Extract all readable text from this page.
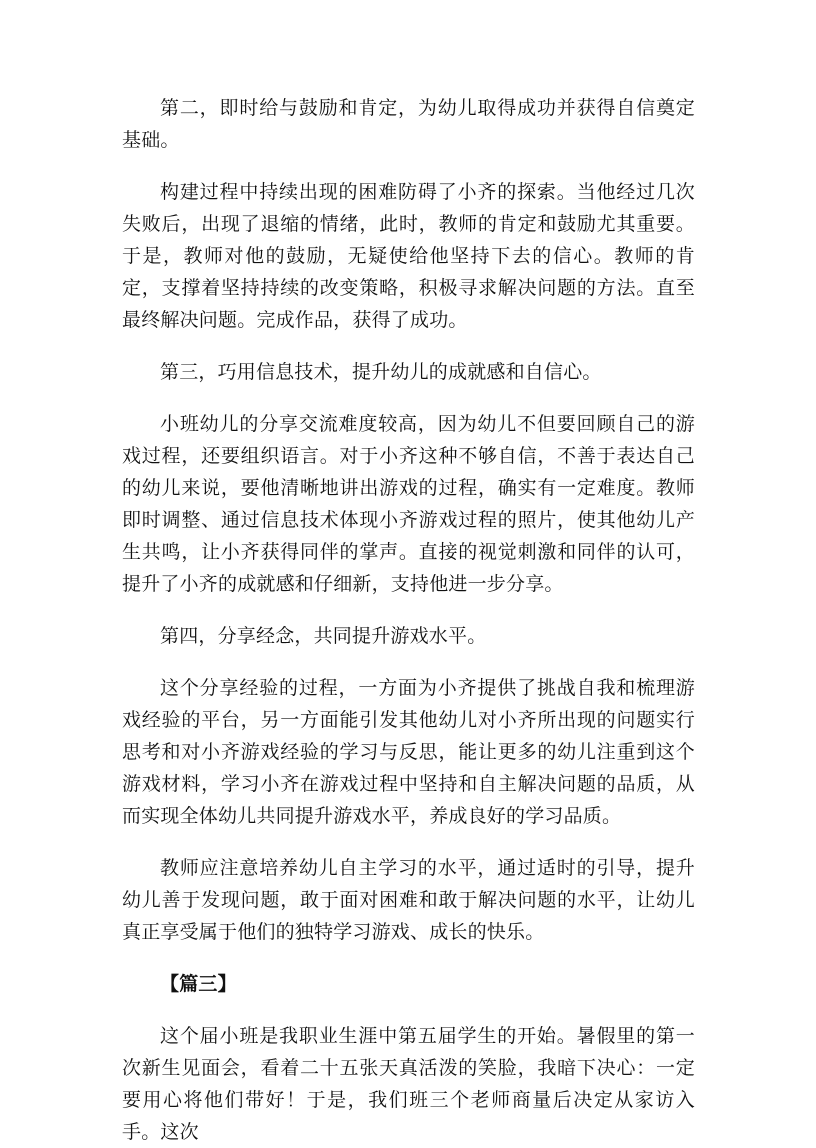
第二，即时给与鼓励和肯定，为幼儿取得成功并获得自信奠定基础。

构建过程中持续出现的困难防碍了小齐的探索。当他经过几次失败后，出现了退缩的情绪，此时，教师的肯定和鼓励尤其重要。于是，教师对他的鼓励，无疑使给他坚持下去的信心。教师的肯定，支撑着坚持持续的改变策略，积极寻求解决问题的方法。直至最终解决问题。完成作品，获得了成功。

第三，巧用信息技术，提升幼儿的成就感和自信心。

小班幼儿的分享交流难度较高，因为幼儿不但要回顾自己的游戏过程，还要组织语言。对于小齐这种不够自信，不善于表达自己的幼儿来说，要他清晰地讲出游戏的过程，确实有一定难度。教师即时调整、通过信息技术体现小齐游戏过程的照片，使其他幼儿产生共鸣，让小齐获得同伴的掌声。直接的视觉刺激和同伴的认可，提升了小齐的成就感和仔细新，支持他进一步分享。

第四，分享经念，共同提升游戏水平。

这个分享经验的过程，一方面为小齐提供了挑战自我和梳理游戏经验的平台，另一方面能引发其他幼儿对小齐所出现的问题实行思考和对小齐游戏经验的学习与反思，能让更多的幼儿注重到这个游戏材料，学习小齐在游戏过程中坚持和自主解决问题的品质，从而实现全体幼儿共同提升游戏水平，养成良好的学习品质。

教师应注意培养幼儿自主学习的水平，通过适时的引导，提升幼儿善于发现问题，敢于面对困难和敢于解决问题的水平，让幼儿真正享受属于他们的独特学习游戏、成长的快乐。

【篇三】

这个届小班是我职业生涯中第五届学生的开始。暑假里的第一次新生见面会，看着二十五张天真活泼的笑脸，我暗下决心：一定要用心将他们带好！于是，我们班三个老师商量后决定从家访入手。这次
